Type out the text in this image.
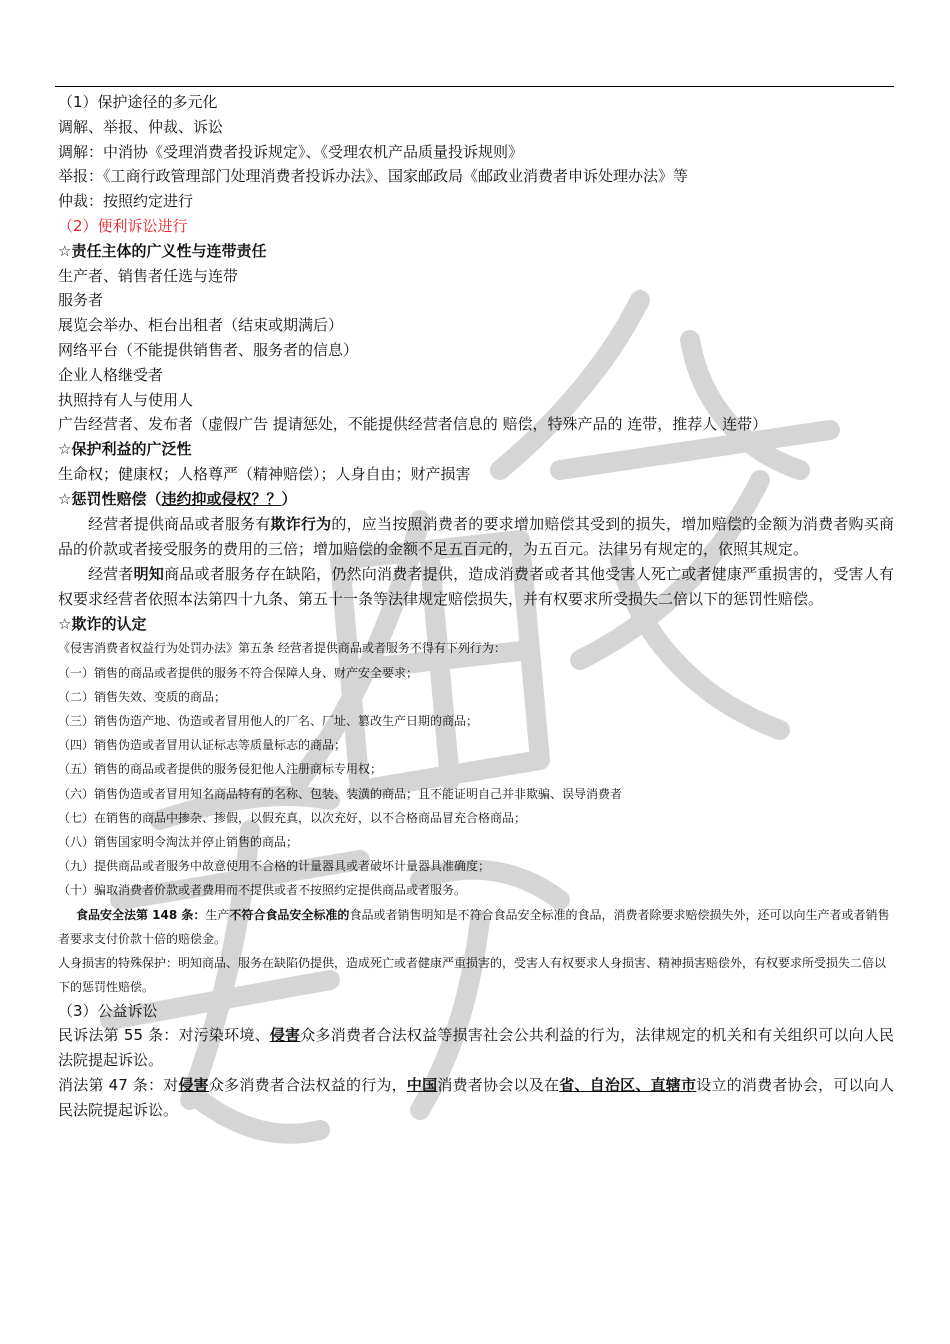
（1）保护途径的多元化
调解、举报、仲裁、诉讼
调解：中消协《受理消费者投诉规定》、《受理农机产品质量投诉规则》
举报：《工商行政管理部门处理消费者投诉办法》、国家邮政局《邮政业消费者申诉处理办法》等
仲裁：按照约定进行
（2）便利诉讼进行
☆责任主体的广义性与连带责任
生产者、销售者任选与连带
服务者
展览会举办、柜台出租者（结束或期满后）
网络平台（不能提供销售者、服务者的信息）
企业人格继受者
执照持有人与使用人
广告经营者、发布者（虚假广告 提请惩处，不能提供经营者信息的 赔偿，特殊产品的 连带，推荐人 连带）
☆保护利益的广泛性
生命权；健康权；人格尊严（精神赔偿）；人身自由；财产损害
☆惩罚性赔偿（违约抑或侵权？？）
经营者提供商品或者服务有欺诈行为的，应当按照消费者的要求增加赔偿其受到的损失，增加赔偿的金额为消费者购买商品的价款或者接受服务的费用的三倍；增加赔偿的金额不足五百元的，为五百元。法律另有规定的，依照其规定。
经营者明知商品或者服务存在缺陷，仍然向消费者提供，造成消费者或者其他受害人死亡或者健康严重损害的，受害人有权要求经营者依照本法第四十九条、第五十一条等法律规定赔偿损失，并有权要求所受损失二倍以下的惩罚性赔偿。
☆欺诈的认定
《侵害消费者权益行为处罚办法》第五条 经营者提供商品或者服务不得有下列行为：
（一）销售的商品或者提供的服务不符合保障人身、财产安全要求；
（二）销售失效、变质的商品；
（三）销售伪造产地、伪造或者冒用他人的厂名、厂址、篡改生产日期的商品；
（四）销售伪造或者冒用认证标志等质量标志的商品；
（五）销售的商品或者提供的服务侵犯他人注册商标专用权；
（六）销售伪造或者冒用知名商品特有的名称、包装、装潢的商品；且不能证明自己并非欺骗、误导消费者
（七）在销售的商品中掺杂、掺假，以假充真，以次充好，以不合格商品冒充合格商品；
（八）销售国家明令淘汰并停止销售的商品；
（九）提供商品或者服务中故意使用不合格的计量器具或者破坏计量器具准确度；
（十）骗取消费者价款或者费用而不提供或者不按照约定提供商品或者服务。
食品安全法第 148 条：生产不符合食品安全标准的食品或者销售明知是不符合食品安全标准的食品，消费者除要求赔偿损失外，还可以向生产者或者销售者要求支付价款十倍的赔偿金。
人身损害的特殊保护：明知商品、服务在缺陷仍提供，造成死亡或者健康严重损害的，受害人有权要求人身损害、精神损害赔偿外，有权要求所受损失二倍以下的惩罚性赔偿。
（3）公益诉讼
民诉法第 55 条：对污染环境、侵害众多消费者合法权益等损害社会公共利益的行为，法律规定的机关和有关组织可以向人民法院提起诉讼。
消法第 47 条：对侵害众多消费者合法权益的行为，中国消费者协会以及在省、自治区、直辖市设立的消费者协会，可以向人民法院提起诉讼。
